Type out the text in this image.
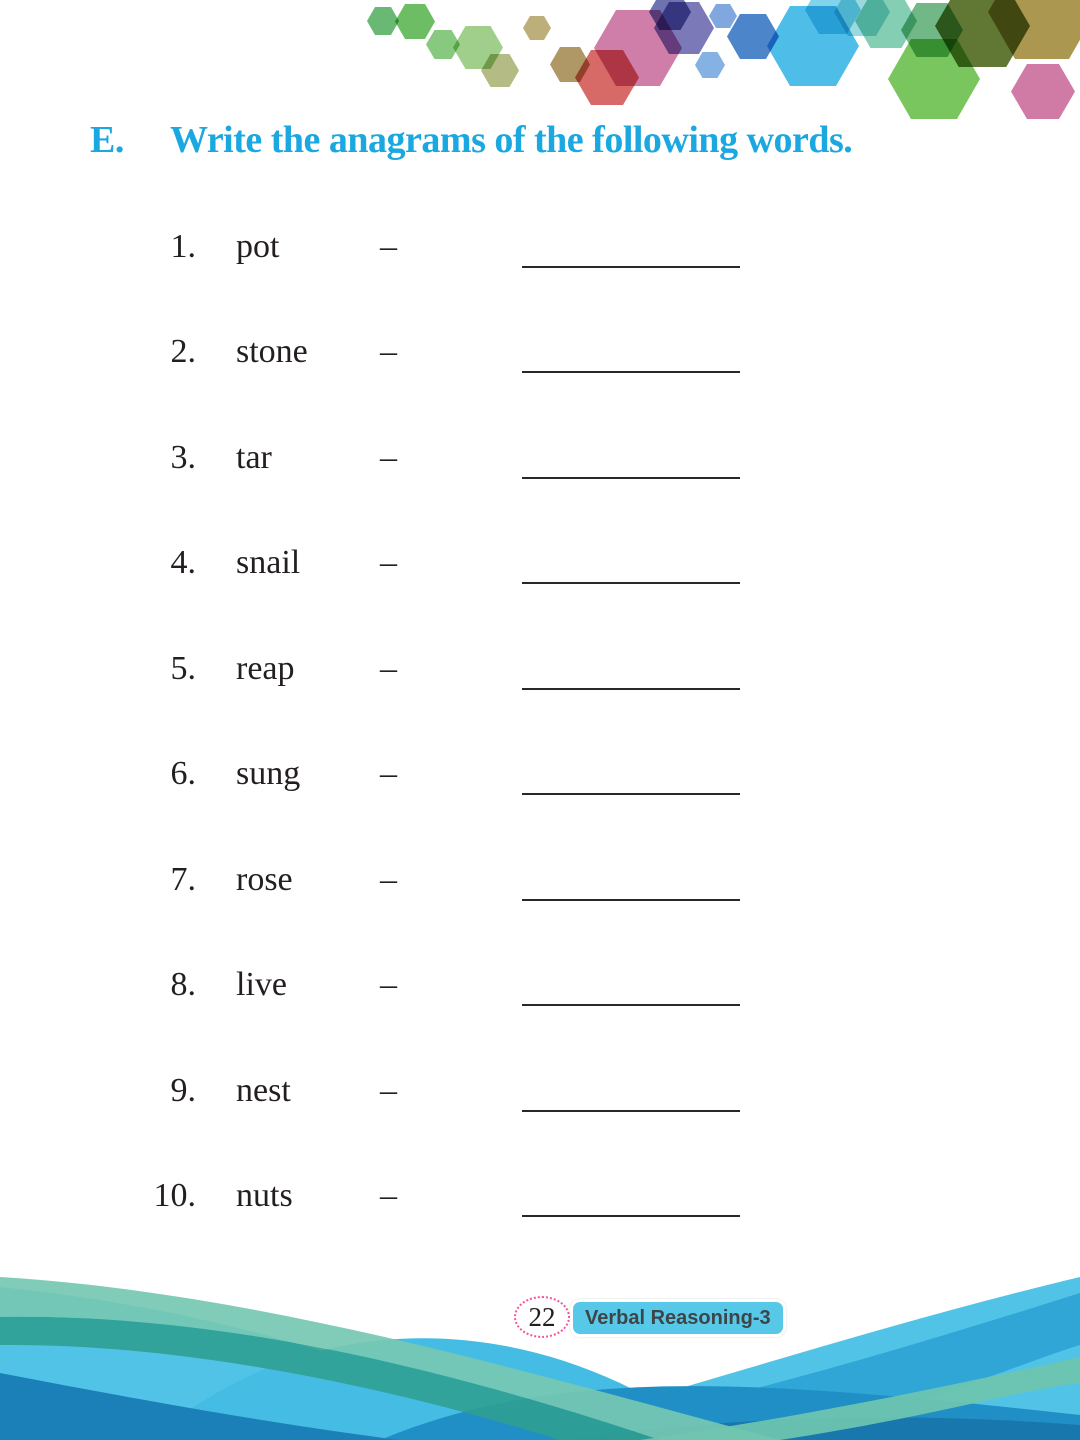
E.	Write the anagrams of the following words.
1. pot	–
2. stone	–
3. tar	–
4. snail	–
5. reap	–
6. sung	–
7. rose	–
8. live	–
9. nest	–
10. nuts	–
22 Verbal Reasoning-3
